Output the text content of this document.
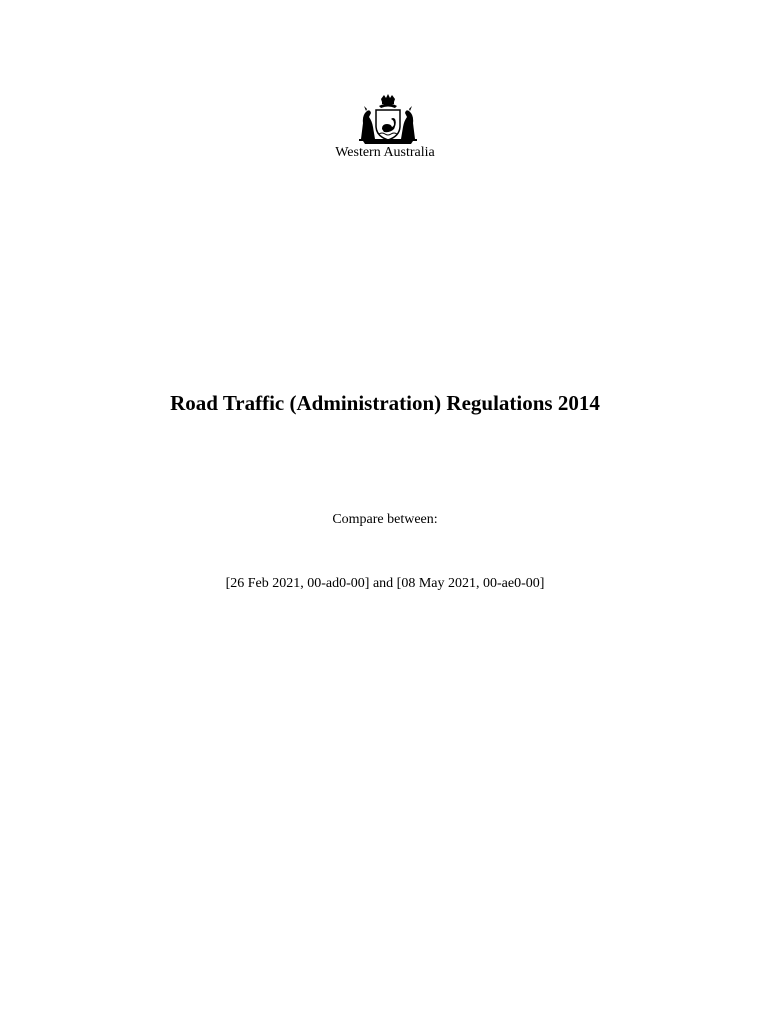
Western Australia
Road Traffic (Administration) Regulations 2014
Compare between:
[26 Feb 2021, 00-ad0-00] and [08 May 2021, 00-ae0-00]
